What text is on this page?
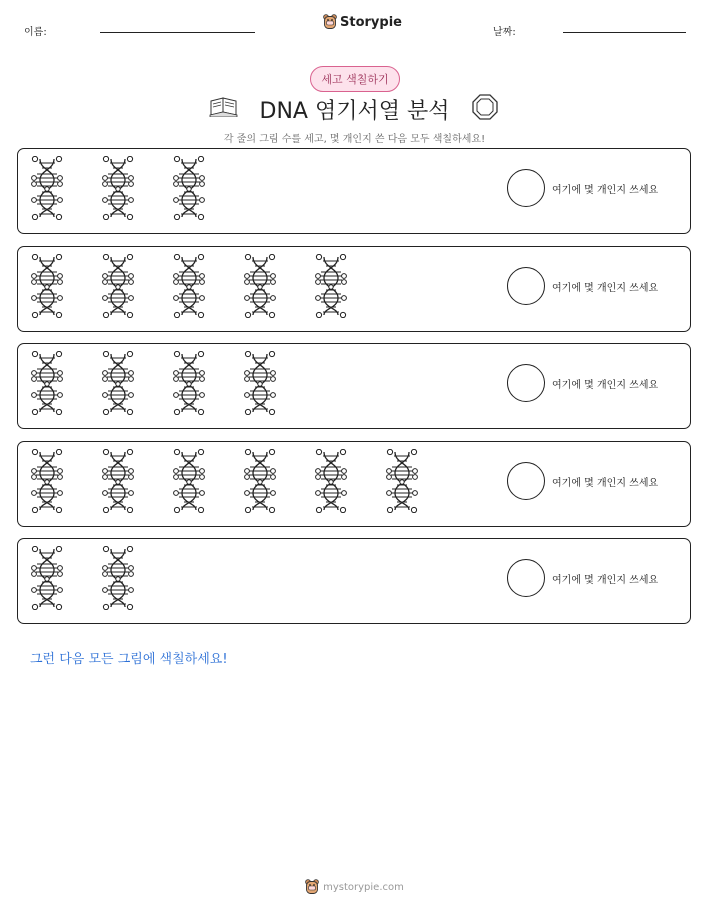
이름:
Storypie
날짜:
세고 색칠하기
DNA 염기서열 분석
각 줄의 그림 수를 세고, 몇 개인지 쓴 다음 모두 색칠하세요!
여기에 몇 개인지 쓰세요
여기에 몇 개인지 쓰세요
여기에 몇 개인지 쓰세요
여기에 몇 개인지 쓰세요
여기에 몇 개인지 쓰세요
그런 다음 모든 그림에 색칠하세요!
mystorypie.com
